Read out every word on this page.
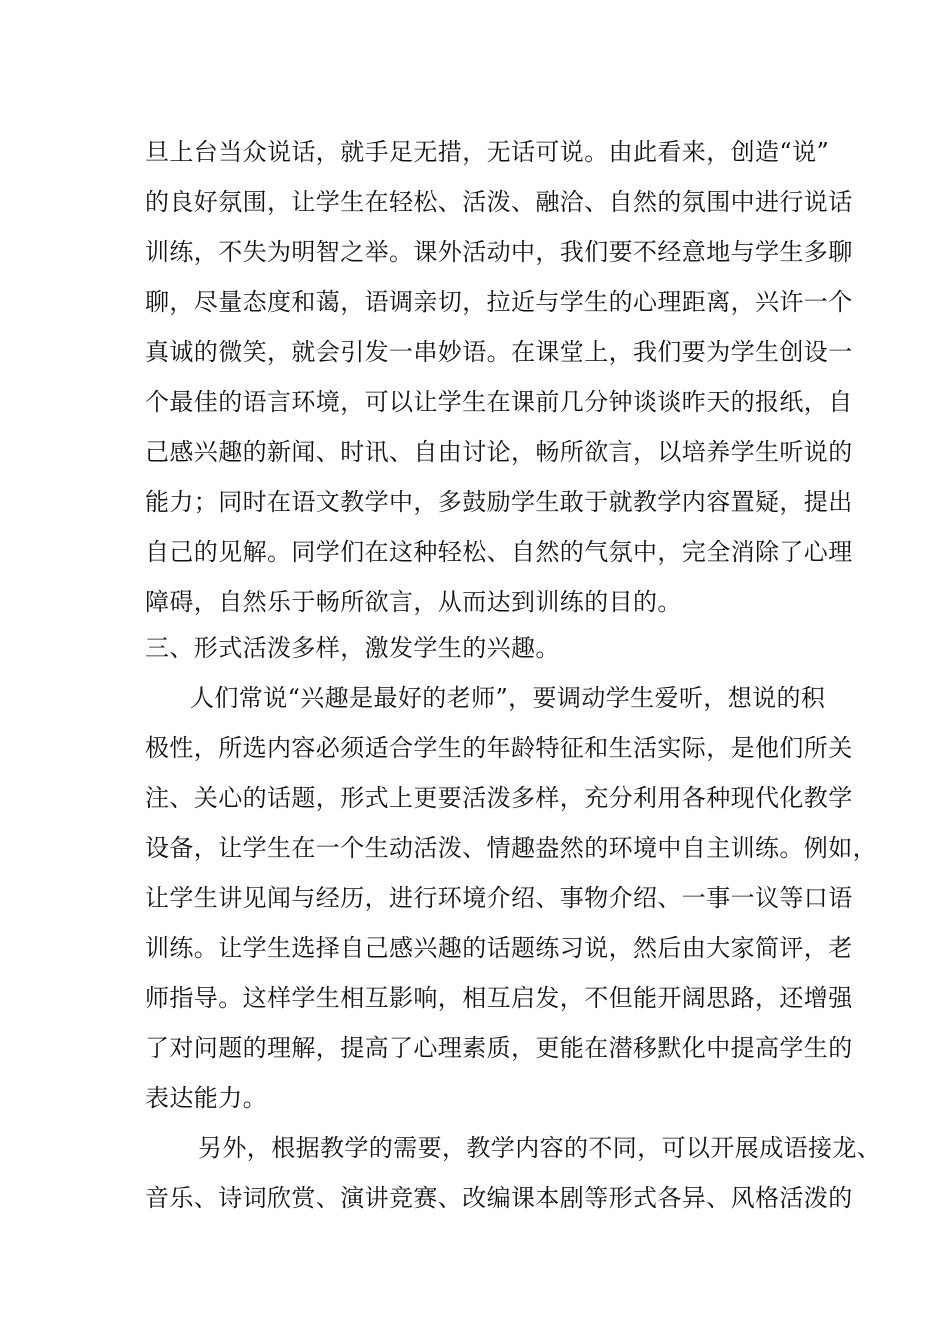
旦上台当众说话，就手足无措，无话可说。由此看来，创造“说”
的良好氛围，让学生在轻松、活泼、融洽、自然的氛围中进行说话
训练，不失为明智之举。课外活动中，我们要不经意地与学生多聊
聊，尽量态度和蔼，语调亲切，拉近与学生的心理距离，兴许一个
真诚的微笑，就会引发一串妙语。在课堂上，我们要为学生创设一
个最佳的语言环境，可以让学生在课前几分钟谈谈昨天的报纸，自
己感兴趣的新闻、时讯、自由讨论，畅所欲言，以培养学生听说的
能力；同时在语文教学中，多鼓励学生敢于就教学内容置疑，提出
自己的见解。同学们在这种轻松、自然的气氛中，完全消除了心理
障碍，自然乐于畅所欲言，从而达到训练的目的。
三、形式活泼多样，激发学生的兴趣。
人们常说“兴趣是最好的老师”，要调动学生爱听，想说的积
极性，所选内容必须适合学生的年龄特征和生活实际，是他们所关
注、关心的话题，形式上更要活泼多样，充分利用各种现代化教学
设备，让学生在一个生动活泼、情趣盎然的环境中自主训练。例如，
让学生讲见闻与经历，进行环境介绍、事物介绍、一事一议等口语
训练。让学生选择自己感兴趣的话题练习说，然后由大家简评，老
师指导。这样学生相互影响，相互启发，不但能开阔思路，还增强
了对问题的理解，提高了心理素质，更能在潜移默化中提高学生的
表达能力。
另外，根据教学的需要，教学内容的不同，可以开展成语接龙、
音乐、诗词欣赏、演讲竞赛、改编课本剧等形式各异、风格活泼的
